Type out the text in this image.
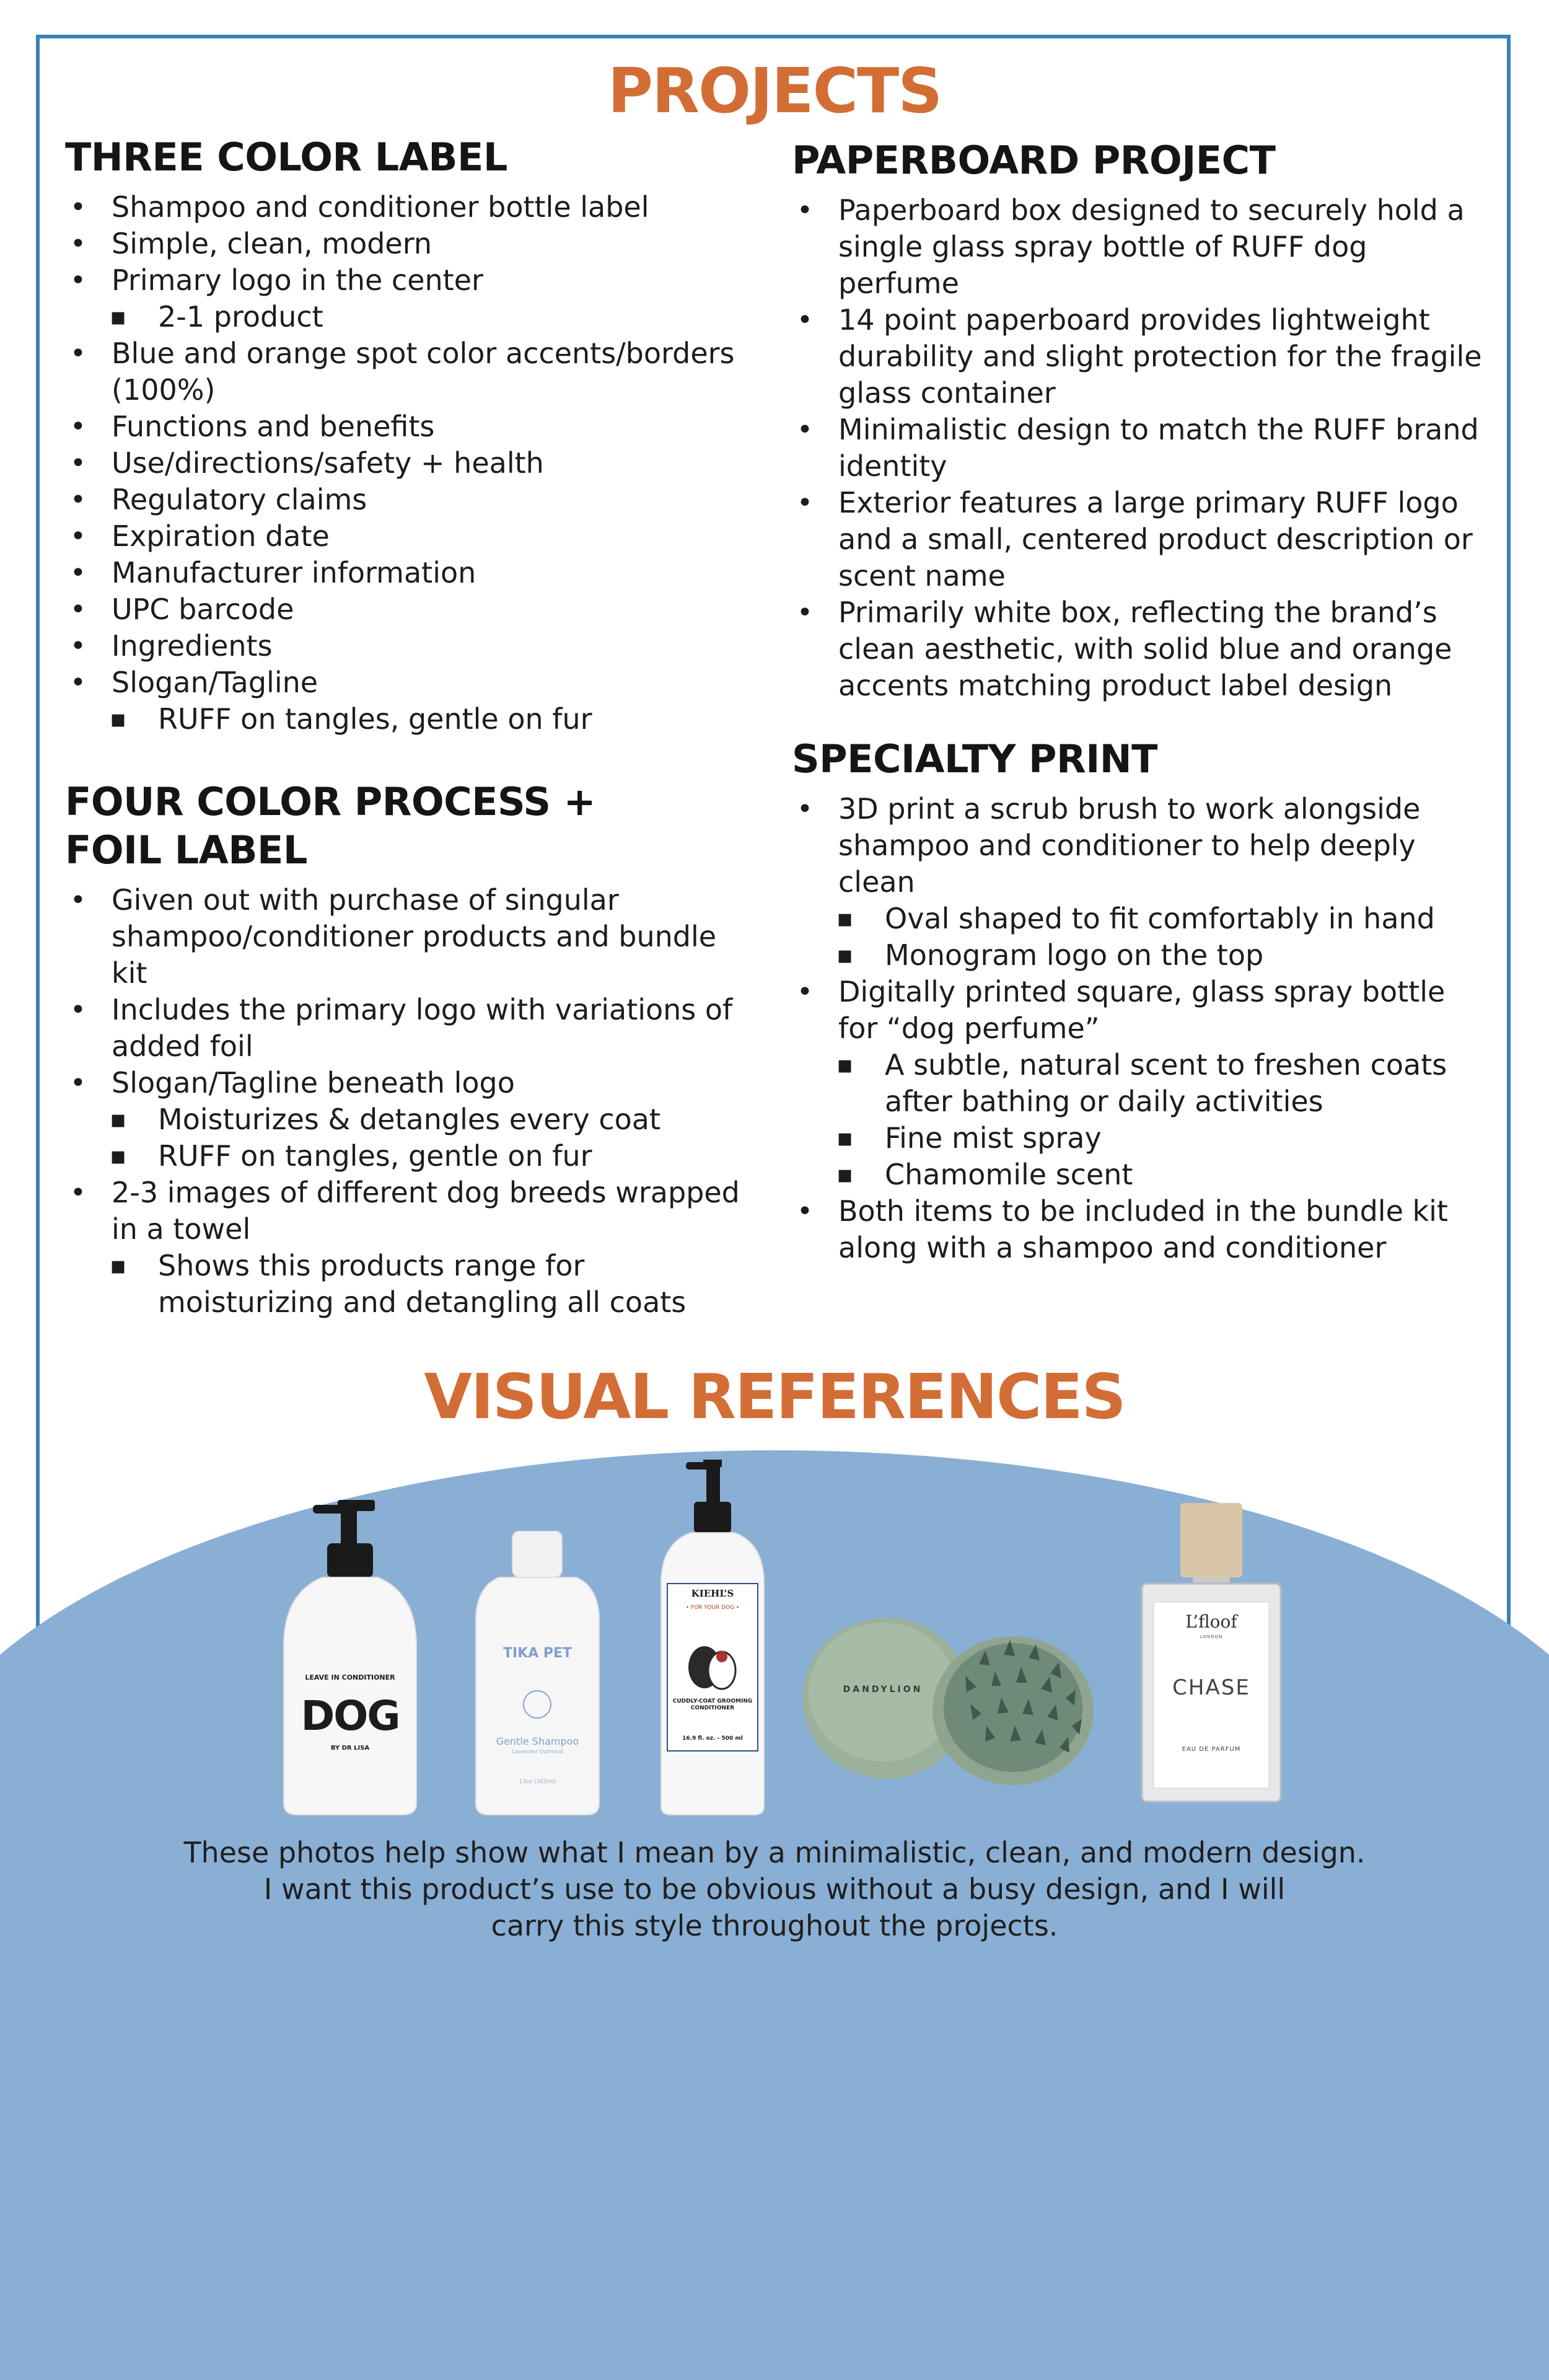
PROJECTS
THREE COLOR LABEL
• Shampoo and conditioner bottle label
• Simple, clean, modern
• Primary logo in the center
▪ 2-1 product
• Blue and orange spot color accents/borders (100%)
• Functions and benefits
• Use/directions/safety + health
• Regulatory claims
• Expiration date
• Manufacturer information
• UPC barcode
• Ingredients
• Slogan/Tagline
▪ RUFF on tangles, gentle on fur
FOUR COLOR PROCESS + FOIL LABEL
• Given out with purchase of singular shampoo/conditioner products and bundle kit
• Includes the primary logo with variations of added foil
• Slogan/Tagline beneath logo
▪ Moisturizes & detangles every coat
▪ RUFF on tangles, gentle on fur
• 2-3 images of different dog breeds wrapped in a towel
▪ Shows this products range for moisturizing and detangling all coats
PAPERBOARD PROJECT
• Paperboard box designed to securely hold a single glass spray bottle of RUFF dog perfume
• 14 point paperboard provides lightweight durability and slight protection for the fragile glass container
• Minimalistic design to match the RUFF brand identity
• Exterior features a large primary RUFF logo and a small, centered product description or scent name
• Primarily white box, reflecting the brand’s clean aesthetic, with solid blue and orange accents matching product label design
SPECIALTY PRINT
• 3D print a scrub brush to work alongside shampoo and conditioner to help deeply clean
▪ Oval shaped to fit comfortably in hand
▪ Monogram logo on the top
• Digitally printed square, glass spray bottle for “dog perfume”
▪ A subtle, natural scent to freshen coats after bathing or daily activities
▪ Fine mist spray
▪ Chamomile scent
• Both items to be included in the bundle kit along with a shampoo and conditioner
VISUAL REFERENCES
LEAVE IN CONDITIONER
DOG
BY DR LISA
TIKA PET
Gentle Shampoo
Lavender Oatmeal
13oz (385ml)
KIEHL’S
• FOR YOUR DOG •
CUDDLY-COAT GROOMING CONDITIONER
16.9 fl. oz. - 500 ml
DANDYLION
L’floof
LONDON
CHASE
EAU DE PARFUM
These photos help show what I mean by a minimalistic, clean, and modern design.
I want this product’s use to be obvious without a busy design, and I will
carry this style throughout the projects.
